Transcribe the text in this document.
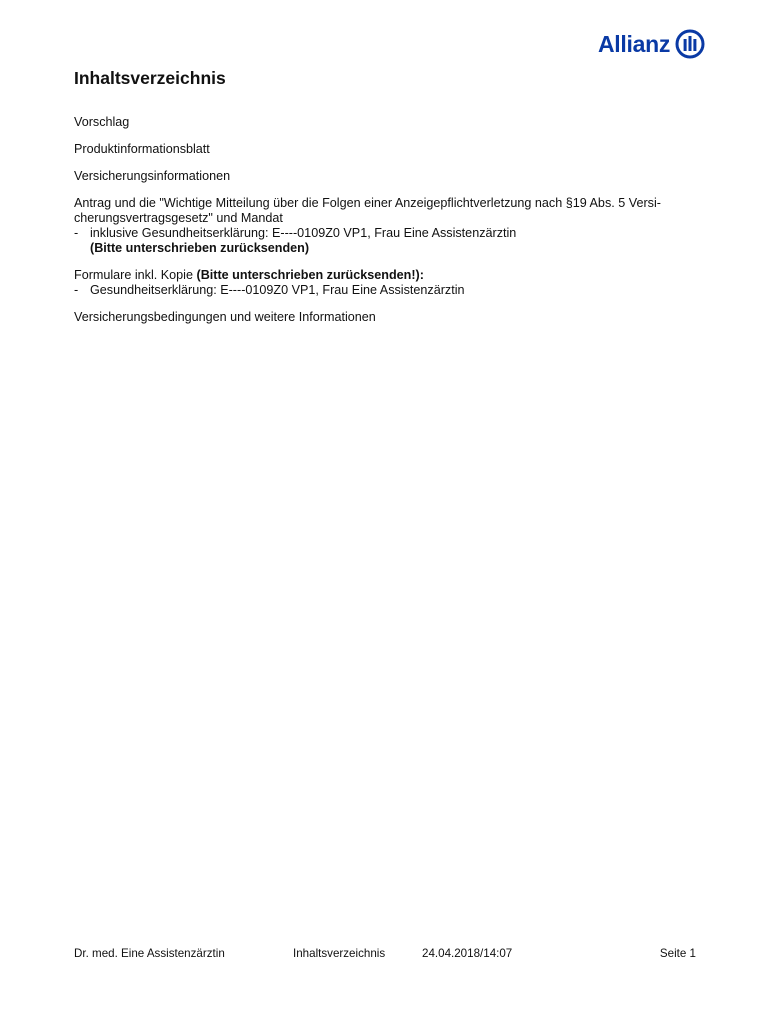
Allianz
Inhaltsverzeichnis

Vorschlag

Produktinformationsblatt

Versicherungsinformationen

Antrag und die "Wichtige Mitteilung über die Folgen einer Anzeigepflichtverletzung nach §19 Abs. 5 Versi-cherungsvertragsgesetz" und Mandat

- inklusive Gesundheitserklärung: E----0109Z0 VP1, Frau Eine Assistenzärztin
(Bitte unterschrieben zurücksenden)

Formulare inkl. Kopie (Bitte unterschrieben zurücksenden!):

- Gesundheitserklärung: E----0109Z0 VP1, Frau Eine Assistenzärztin

Versicherungsbedingungen und weitere Informationen

Dr. med. Eine Assistenzärztin	Inhaltsverzeichnis	24.04.2018/14:07	Seite 1
